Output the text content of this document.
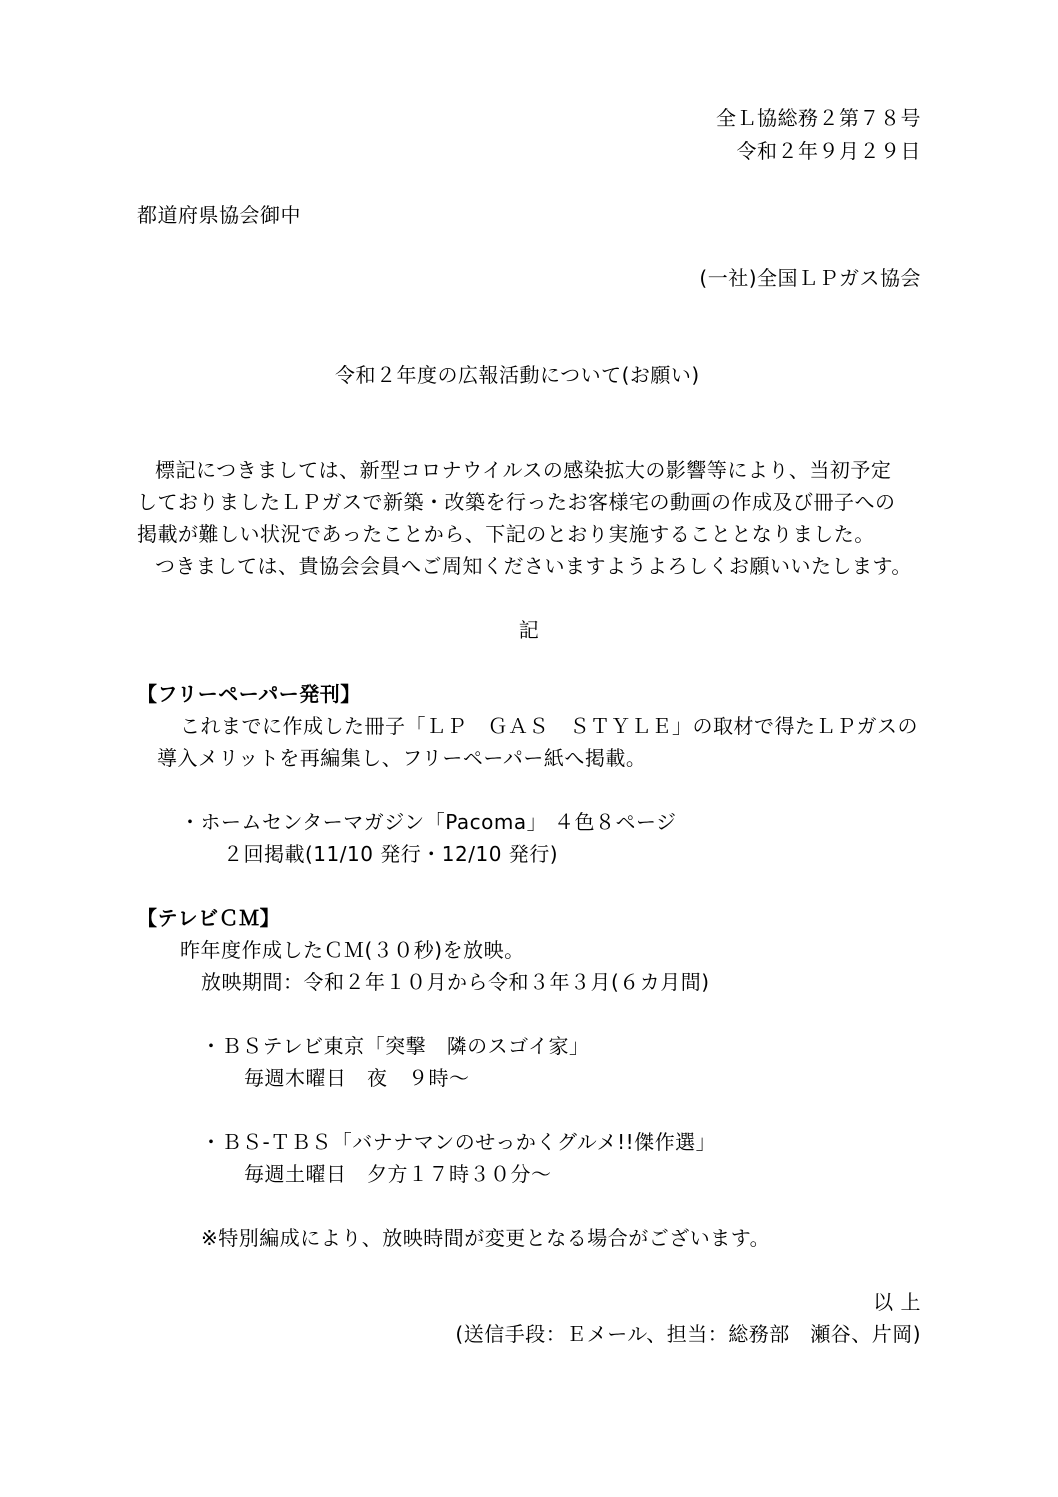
全Ｌ協総務２第７８号
令和２年９月２９日
都道府県協会御中
(一社)全国ＬＰガス協会
令和２年度の広報活動について(お願い)
標記につきましては、新型コロナウイルスの感染拡大の影響等により、当初予定
しておりましたＬＰガスで新築・改築を行ったお客様宅の動画の作成及び冊子への
掲載が難しい状況であったことから、下記のとおり実施することとなりました。
つきましては、貴協会会員へご周知くださいますようよろしくお願いいたします。
記
【フリーペーパー発刊】
これまでに作成した冊子「ＬＰ　ＧＡＳ　ＳＴＹＬＥ」の取材で得たＬＰガスの
導入メリットを再編集し、フリーペーパー紙へ掲載。
・ホームセンターマガジン「Pacoma」 ４色８ページ
２回掲載(11/10 発行・12/10 発行)
【テレビＣＭ】
昨年度作成したＣＭ(３０秒)を放映。
放映期間：令和２年１０月から令和３年３月(６カ月間)
・ＢＳテレビ東京「突撃　隣のスゴイ家」
毎週木曜日　夜　９時～
・ＢＳ-ＴＢＳ「バナナマンのせっかくグルメ!!傑作選」
毎週土曜日　夕方１７時３０分～
※特別編成により、放映時間が変更となる場合がございます。
以 上
(送信手段：Ｅメール、担当：総務部　瀬谷、片岡)
